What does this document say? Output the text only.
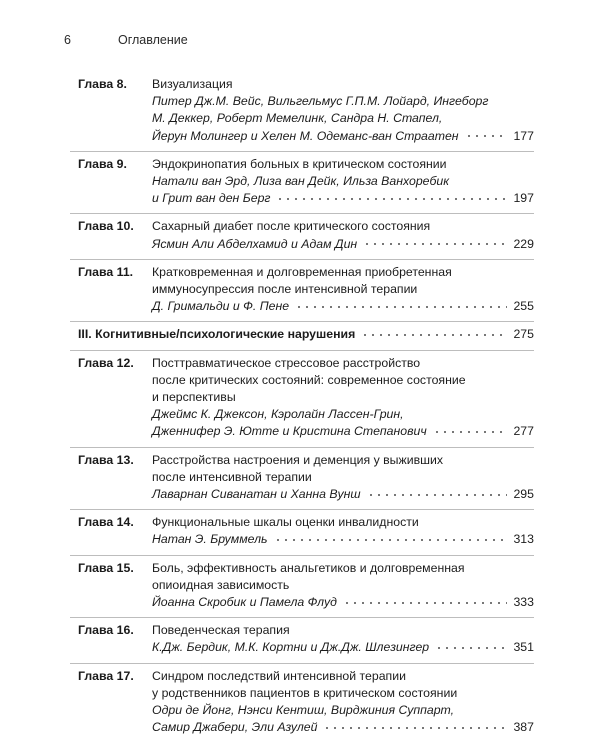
6	Оглавление
Глава 8. Визуализация
Питер Дж.М. Вейс, Вильгельмус Г.П.М. Лойард, Ингеборг
М. Деккер, Роберт Мемелинк, Сандра Н. Стапел,
Йерун Молингер и Хелен М. Одеманс-ван Страатен	177
Глава 9. Эндокринопатия больных в критическом состоянии
Натали ван Эрд, Лиза ван Дейк, Ильза Ванхоребик
и Грит ван ден Берг	197
Глава 10. Сахарный диабет после критического состояния
Ясмин Али Абделхамид и Адам Дин	229
Глава 11. Кратковременная и долговременная приобретенная
иммуносупрессия после интенсивной терапии
Д. Гримальди и Ф. Пене	255
III. Когнитивные/психологические нарушения	275
Глава 12. Посттравматическое стрессовое расстройство
после критических состояний: современное состояние
и перспективы
Джеймс К. Джексон, Кэролайн Лассен-Грин,
Дженнифер Э. Ютте и Кристина Степанович	277
Глава 13. Расстройства настроения и деменция у выживших
после интенсивной терапии
Лаварнан Сиванатан и Ханна Вунш	295
Глава 14. Функциональные шкалы оценки инвалидности
Натан Э. Бруммель	313
Глава 15. Боль, эффективность анальгетиков и долговременная
опиоидная зависимость
Йоанна Скробик и Памела Флуд	333
Глава 16. Поведенческая терапия
К.Дж. Бердик, М.К. Кортни и Дж.Дж. Шлезингер	351
Глава 17. Синдром последствий интенсивной терапии
у родственников пациентов в критическом состоянии
Одри де Йонг, Нэнси Кентиш, Вирджиния Суппарт,
Самир Джабери, Эли Азулей	387
